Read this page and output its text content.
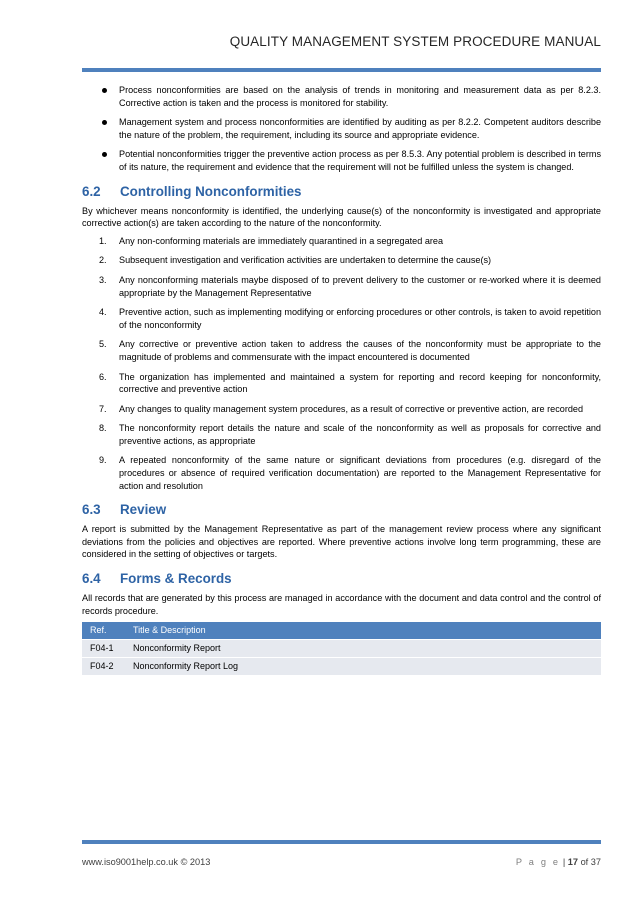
QUALITY MANAGEMENT SYSTEM PROCEDURE MANUAL
Process nonconformities are based on the analysis of trends in monitoring and measurement data as per 8.2.3. Corrective action is taken and the process is monitored for stability.
Management system and process nonconformities are identified by auditing as per 8.2.2. Competent auditors describe the nature of the problem, the requirement, including its source and appropriate evidence.
Potential nonconformities trigger the preventive action process as per 8.5.3. Any potential problem is described in terms of its nature, the requirement and evidence that the requirement will not be fulfilled unless the system is changed.
6.2	Controlling Nonconformities

By whichever means nonconformity is identified, the underlying cause(s) of the nonconformity is investigated and appropriate corrective action(s) are taken according to the nature of the nonconformity.

1. Any non-conforming materials are immediately quarantined in a segregated area
2. Subsequent investigation and verification activities are undertaken to determine the cause(s)
3. Any nonconforming materials maybe disposed of to prevent delivery to the customer or re-worked where it is deemed appropriate by the Management Representative
4. Preventive action, such as implementing modifying or enforcing procedures or other controls, is taken to avoid repetition of the nonconformity
5. Any corrective or preventive action taken to address the causes of the nonconformity must be appropriate to the magnitude of problems and commensurate with the impact encountered is documented
6. The organization has implemented and maintained a system for reporting and record keeping for nonconformity, corrective and preventive action
7. Any changes to quality management system procedures, as a result of corrective or preventive action, are recorded
8. The nonconformity report details the nature and scale of the nonconformity as well as proposals for corrective and preventive actions, as appropriate
9. A repeated nonconformity of the same nature or significant deviations from procedures (e.g. disregard of the procedures or absence of required verification documentation) are reported to the Management Representative for action and resolution
6.3	Review

A report is submitted by the Management Representative as part of the management review process where any significant deviations from the policies and objectives are reported. Where preventive actions involve long term programming, these are considered in the setting of objectives or targets.

6.4	Forms & Records

All records that are generated by this process are managed in accordance with the document and data control and the control of records procedure.

Ref.	Title & Description
F04-1	Nonconformity Report
F04-2	Nonconformity Report Log
www.iso9001help.co.uk © 2013	P a g e | 17 of 37
